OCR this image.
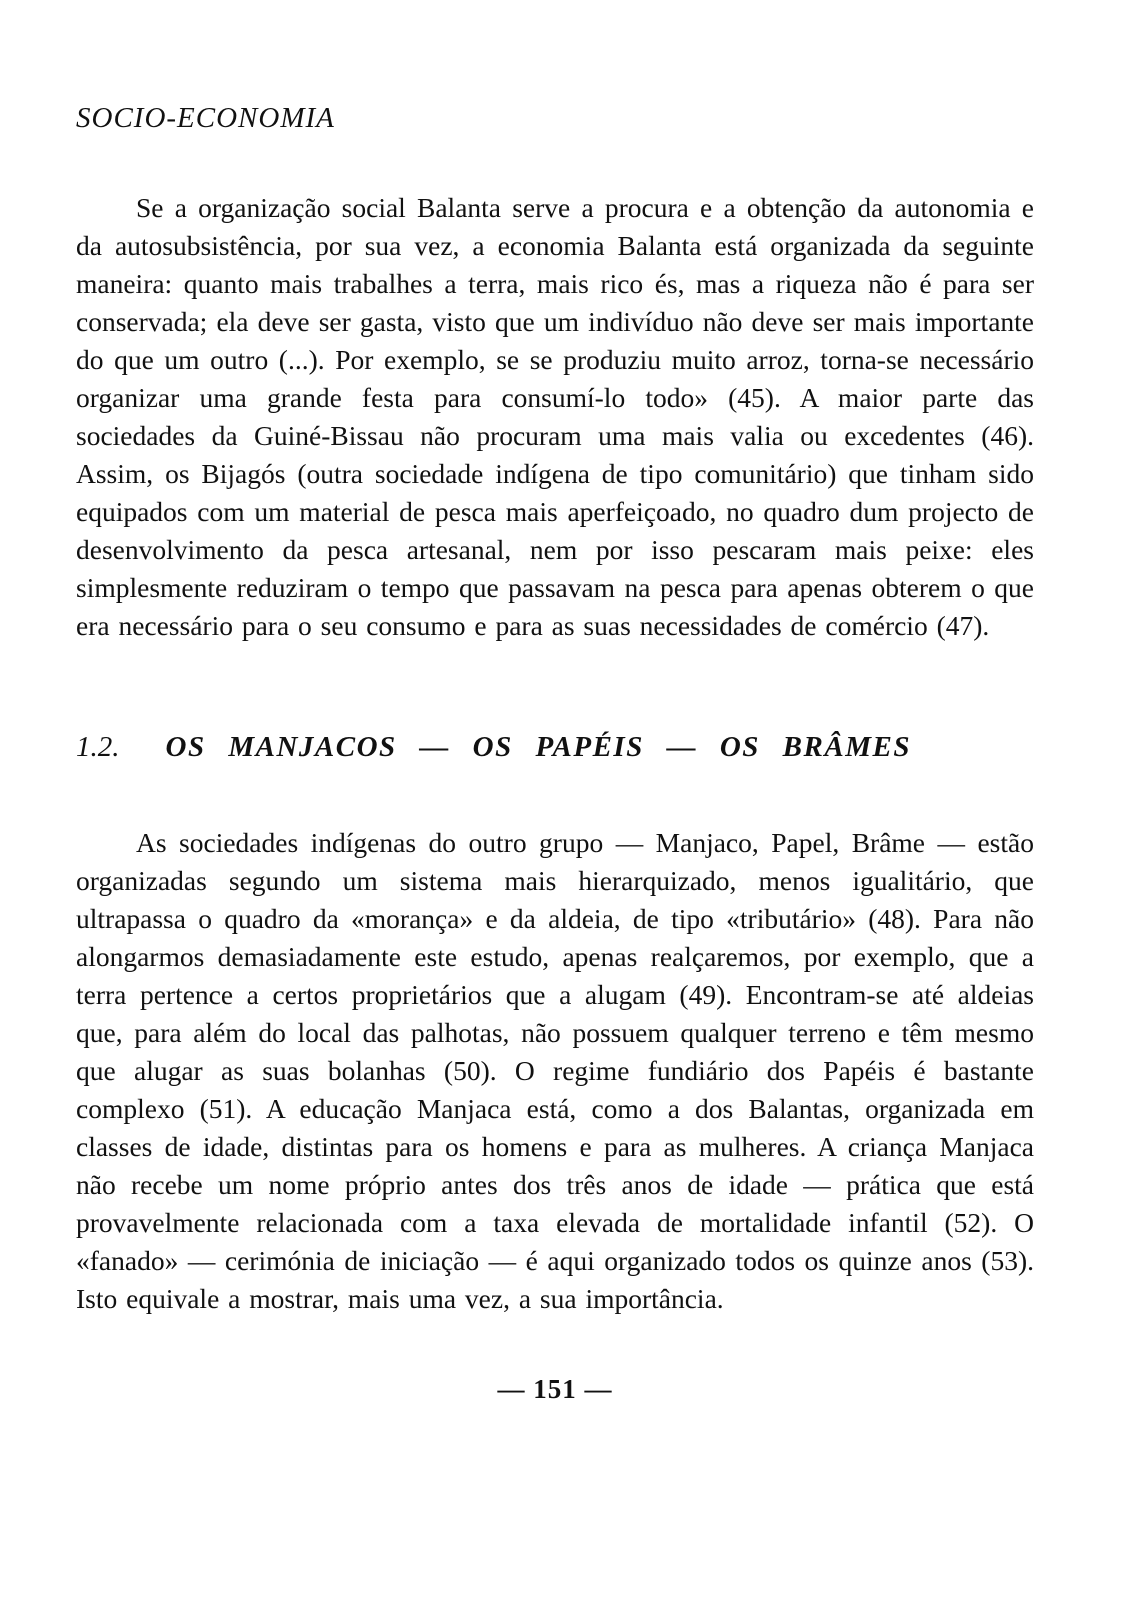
SOCIO-ECONOMIA

Se a organização social Balanta serve a procura e a obtenção da autonomia e da autosubsistência, por sua vez, a economia Balanta está organizada da seguinte maneira: quanto mais trabalhes a terra, mais rico és, mas a riqueza não é para ser conservada; ela deve ser gasta, visto que um indivíduo não deve ser mais importante do que um outro (...). Por exemplo, se se produziu muito arroz, torna-se necessário organizar uma grande festa para consumí-lo todo» (45). A maior parte das sociedades da Guiné-Bissau não procuram uma mais valia ou excedentes (46). Assim, os Bijagós (outra sociedade indígena de tipo comunitário) que tinham sido equipados com um material de pesca mais aperfeiçoado, no quadro dum projecto de desenvolvimento da pesca artesanal, nem por isso pescaram mais peixe: eles simplesmente reduziram o tempo que passavam na pesca para apenas obterem o que era necessário para o seu consumo e para as suas necessidades de comércio (47).

1.2. OS MANJACOS — OS PAPÉIS — OS BRÂMES

As sociedades indígenas do outro grupo — Manjaco, Papel, Brâme — estão organizadas segundo um sistema mais hierarquizado, menos igualitário, que ultrapassa o quadro da «morança» e da aldeia, de tipo «tributário» (48). Para não alongarmos demasiadamente este estudo, apenas realçaremos, por exemplo, que a terra pertence a certos proprietários que a alugam (49). Encontram-se até aldeias que, para além do local das palhotas, não possuem qualquer terreno e têm mesmo que alugar as suas bolanhas (50). O regime fundiário dos Papéis é bastante complexo (51). A educação Manjaca está, como a dos Balantas, organizada em classes de idade, distintas para os homens e para as mulheres. A criança Manjaca não recebe um nome próprio antes dos três anos de idade — prática que está provavelmente relacionada com a taxa elevada de mortalidade infantil (52). O «fanado» — cerimónia de iniciação — é aqui organizado todos os quinze anos (53). Isto equivale a mostrar, mais uma vez, a sua importância.

— 151 —
